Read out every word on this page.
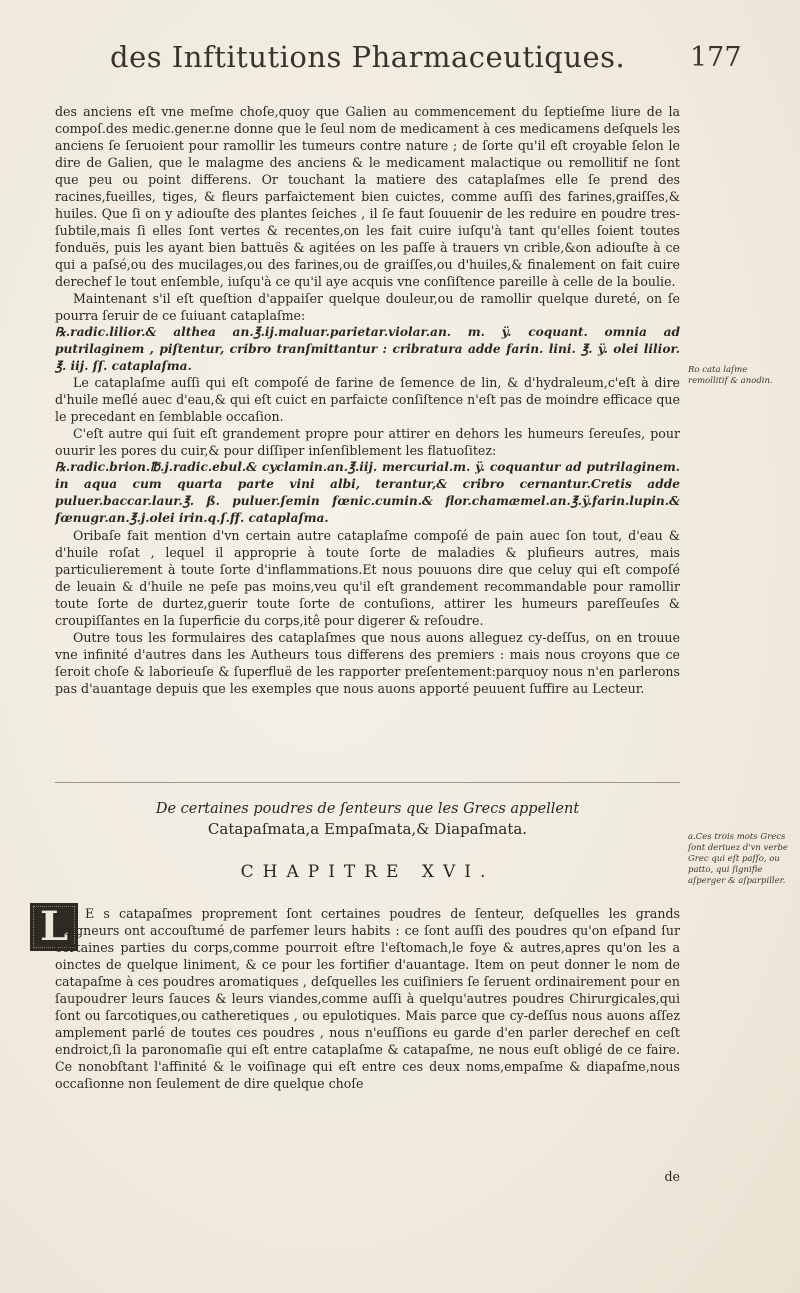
des Inftitutions Pharmaceutiques.	177

des anciens eſt vne meſme choſe,quoy que Galien au commencement du ſeptieſme liure de la compoſ.des medic.gener.ne donne que le ſeul nom de medicament à ces medicamens deſquels les anciens ſe ſeruoient pour ramollir les tumeurs contre nature ; de ſorte qu'il eſt croyable ſelon le dire de Galien, que le malagme des anciens & le medicament malactique ou remollitif ne ſont que peu ou point differens. Or touchant la matiere des cataplaſmes elle ſe prend des racines,fueilles, tiges, & fleurs parfaictement bien cuictes, comme auſſi des farines,graiſſes,& huiles. Que ſi on y adiouſte des plantes ſeiches , il ſe faut ſouuenir de les reduire en poudre tres-ſubtile,mais ſi elles ſont vertes & recentes,on les fait cuire iuſqu'à tant qu'elles ſoient toutes fonduës, puis les ayant bien battuës & agitées on les paſſe à trauers vn crible,&on adiouſte à ce qui a paſsé,ou des mucilages,ou des farines,ou de graiſſes,ou d'huiles,& finalement on fait cuire derechef le tout enſemble, iuſqu'à ce qu'il aye acquis vne conſiſtence pareille à celle de la boulie.

Maintenant s'il eſt queſtion d'appaiſer quelque douleur,ou de ramollir quelque dureté, on ſe pourra ſeruir de ce ſuiuant cataplaſme:

℞.radic.lilior.& althea an.℥.ij.maluar.parietar.violar.an. m. ÿ. coquant. omnia ad putrilaginem , piſtentur, cribro tranſmittantur : cribratura adde farin. lini. ℥. ÿ. olei lilior. ℥. iij. ſſ. cataplaſma.

Le cataplaſme auſſi qui eſt compoſé de farine de ſemence de lin, & d'hydraleum,c'eſt à dire d'huile meſlé auec d'eau,& qui eſt cuict en parfaicte conſiſtence n'eſt pas de moindre efficace que le precedant en ſemblable occaſion.

C'eſt autre qui ſuit eſt grandement propre pour attirer en dehors les humeurs ſereuſes, pour ouurir les pores du cuir,& pour diſſiper inſenſiblement les flatuoſitez:

℞.radic.brion.℔.j.radic.ebul.& cyclamin.an.℥.iij. mercurial.m. ÿ. coquantur ad putrilaginem. in aqua cum quarta parte vini albi, terantur,& cribro cernantur.Cretis adde puluer.baccar.laur.℥. ß. puluer.ſemin fœnic.cumin.& flor.chamæmel.an.℥.ÿ.farin.lupin.& fœnugr.an.℥.j.olei irin.q.ſ.ff. cataplaſma.

Oribaſe fait mention d'vn certain autre cataplaſme compoſé de pain auec ſon tout, d'eau & d'huile roſat , lequel il approprie à toute ſorte de maladies & plufieurs autres, mais particulierement à toute ſorte d'inflammations.Et nous pouuons dire que celuy qui eſt compoſé de leuain & d'huile ne peſe pas moins,veu qu'il eſt grandement recommandable pour ramollir toute ſorte de durtez,guerir toute ſorte de contuſions, attirer les humeurs pareſſeuſes & croupiſſantes en la ſuperficie du corps,itê pour digerer & reſoudre.

Outre tous les formulaires des cataplaſmes que nous auons alleguez cy-deſſus, on en trouue vne infinité d'autres dans les Autheurs tous differens des premiers : mais nous croyons que ce ſeroit choſe & laborieuſe & ſuperfluë de les rapporter preſentement:parquoy nous n'en parlerons pas d'auantage depuis que les exemples que nous auons apporté peuuent ſuffire au Lecteur.

Ro cata laſme remollitif & anodin.
De certaines poudres de ſenteurs que les Grecs appellent
Catapaſmata,a Empaſmata,& Diapaſmata.
CHAPITRE XVI.
a.Ces trois mots Grecs ſont deriuez d'vn verbe Grec qui eſt paſſo, ou patto, qui ſignifie aſperger & aſparpiller.
L	E s catapaſmes proprement ſont certaines poudres de ſenteur, deſquelles les grands Seigneurs ont accouſtumé de parfemer leurs habits : ce ſont auſſi des poudres qu'on eſpand ſur certaines parties du corps,comme pourroit eſtre l'eſtomach,le foye & autres,apres qu'on les a oinctes de quelque liniment, & ce pour les fortifier d'auantage. Item on peut donner le nom de catapaſme à ces poudres aromatiques , deſquelles les cuiſiniers ſe ſeruent ordinairement pour en ſaupoudrer leurs ſauces & leurs viandes,comme auſſi à quelqu'autres poudres Chirurgicales,qui ſont ou ſarcotiques,ou catheretiques , ou epulotiques. Mais parce que cy-deſſus nous auons aſſez amplement parlé de toutes ces poudres , nous n'euſſions eu garde d'en parler derechef en ceſt endroict,ſi la paronomaſie qui eſt entre cataplaſme & catapaſme, ne nous euſt obligé de ce faire. Ce nonobſtant l'affinité & le voiſinage qui eſt entre ces deux noms,empaſme & diapaſme,nous occaſionne non ſeulement de dire quelque choſe

de
